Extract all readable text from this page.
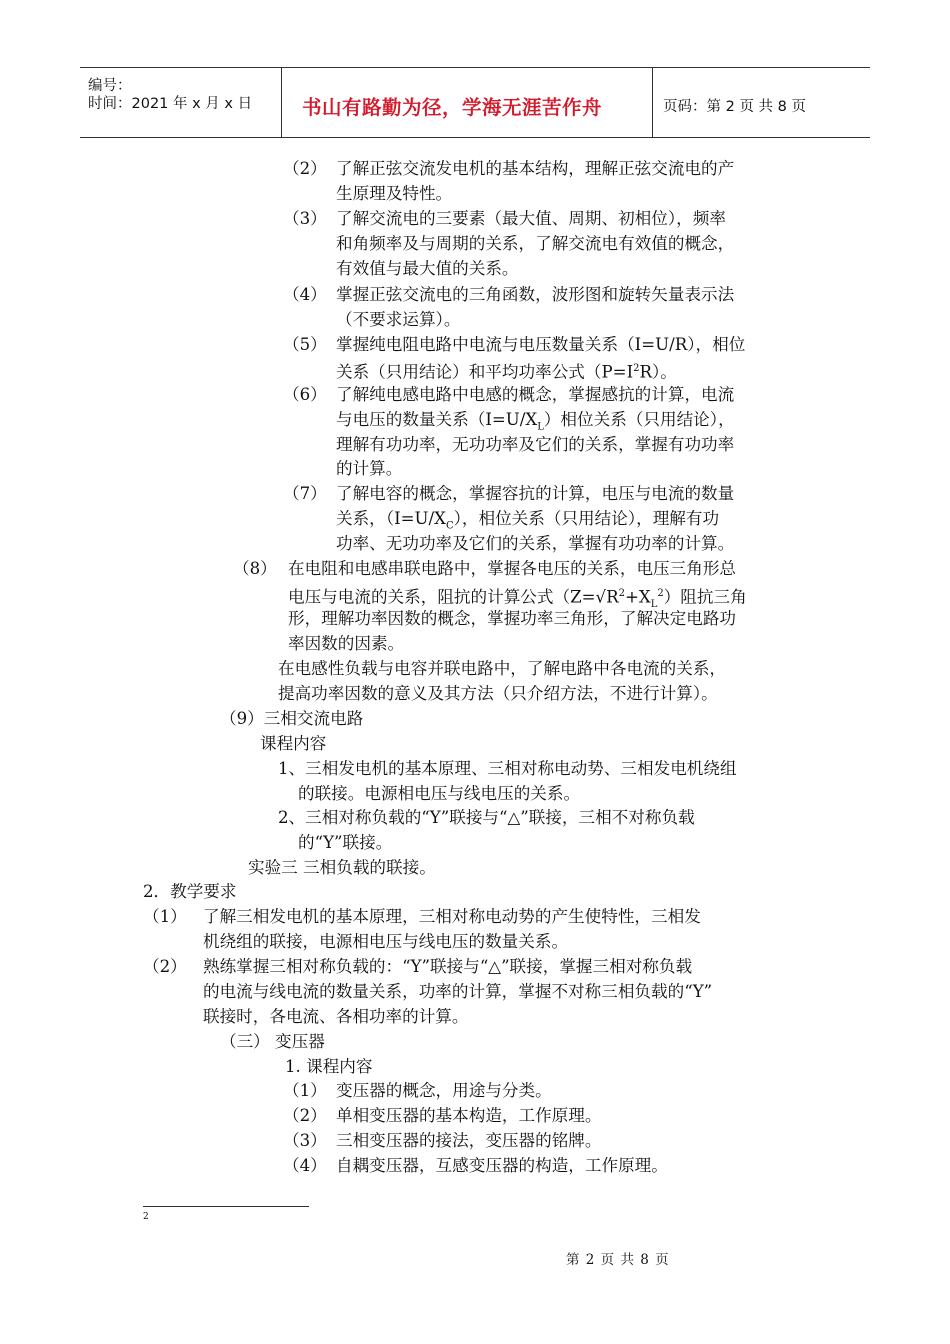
编号：
时间：2021 年 x 月 x 日	书山有路勤为径，学海无涯苦作舟	页码：第 2 页 共 8 页
（2） 了解正弦交流发电机的基本结构，理解正弦交流电的产
生原理及特性。
（3） 了解交流电的三要素（最大值、周期、初相位），频率
和角频率及与周期的关系，了解交流电有效值的概念，
有效值与最大值的关系。
（4） 掌握正弦交流电的三角函数，波形图和旋转矢量表示法
（不要求运算）。
（5） 掌握纯电阻电路中电流与电压数量关系（I=U/R），相位
关系（只用结论）和平均功率公式$(P=I^2R)$。
（6） 了解纯电感电路中电感的概念，掌握感抗的计算，电流
与电压的数量关系$(I=U/X_L)$相位关系（只用结论），
理解有功功率，无功功率及它们的关系，掌握有功功率
的计算。
（7） 了解电容的概念，掌握容抗的计算，电压与电流的数量
关系，$(I=U/X_C)$，相位关系（只用结论），理解有功
功率、无功功率及它们的关系，掌握有功功率的计算。
（8） 在电阻和电感串联电路中，掌握各电压的关系，电压三角形总
电压与电流的关系，阻抗的计算公式$(Z=√R^2+X_L^2)$阻抗三角
形，理解功率因数的概念，掌握功率三角形，了解决定电路功
率因数的因素。
在电感性负载与电容并联电路中，了解电路中各电流的关系，
提高功率因数的意义及其方法（只介绍方法，不进行计算）。
（9）三相交流电路
课程内容
1、三相发电机的基本原理、三相对称电动势、三相发电机绕组
的联接。电源相电压与线电压的关系。
2、三相对称负载的“Y”联接与“△”联接，三相不对称负载
的“Y”联接。
实验三 三相负载的联接。
2．教学要求
（1） 了解三相发电机的基本原理，三相对称电动势的产生使特性，三相发
机绕组的联接，电源相电压与线电压的数量关系。
（2） 熟练掌握三相对称负载的：“Y”联接与“△”联接，掌握三相对称负载
的电流与线电流的数量关系，功率的计算，掌握不对称三相负载的“Y”
联接时，各电流、各相功率的计算。
（三） 变压器
1. 课程内容
（1） 变压器的概念，用途与分类。
（2） 单相变压器的基本构造，工作原理。
（3） 三相变压器的接法，变压器的铭牌。
（4） 自耦变压器，互感变压器的构造，工作原理。
2
第 2 页 共 8 页
